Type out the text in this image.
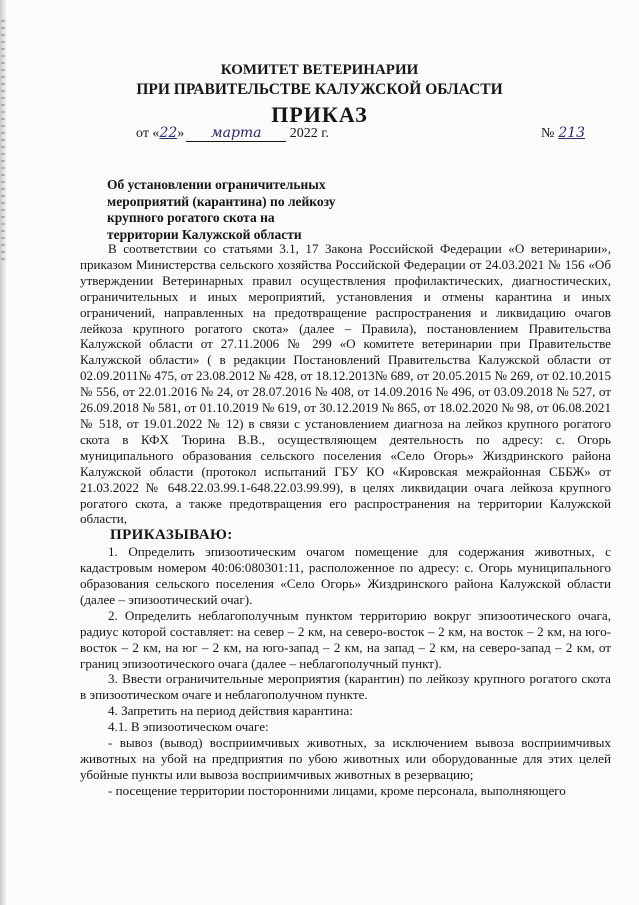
КОМИТЕТ ВЕТЕРИНАРИИ
ПРИ ПРАВИТЕЛЬСТВЕ КАЛУЖСКОЙ ОБЛАСТИ
ПРИКАЗ
от «22» марта 2022 г.	№ 213
Об установлении ограничительных мероприятий (карантина) по лейкозу крупного рогатого скота на территории Калужской области

В соответствии со статьями 3.1, 17 Закона Российской Федерации «О ветеринарии», приказом Министерства сельского хозяйства Российской Федерации от 24.03.2021 № 156 «Об утверждении Ветеринарных правил осуществления профилактических, диагностических, ограничительных и иных мероприятий, установления и отмены карантина и иных ограничений, направленных на предотвращение распространения и ликвидацию очагов лейкоза крупного рогатого скота» (далее – Правила), постановлением Правительства Калужской области от 27.11.2006 № 299 «О комитете ветеринарии при Правительстве Калужской области» ( в редакции Постановлений Правительства Калужской области от 02.09.2011№ 475, от 23.08.2012 № 428, от 18.12.2013№ 689, от 20.05.2015 № 269, от 02.10.2015 № 556, от 22.01.2016 № 24, от 28.07.2016 № 408, от 14.09.2016 № 496, от 03.09.2018 № 527, от 26.09.2018 № 581, от 01.10.2019 № 619, от 30.12.2019 № 865, от 18.02.2020 № 98, от 06.08.2021 № 518, от 19.01.2022 № 12) в связи с установлением диагноза на лейкоз крупного рогатого скота в КФХ Тюрина В.В., осуществляющем деятельность по адресу: с. Огорь муниципального образования сельского поселения «Село Огорь» Жиздринского района Калужской области (протокол испытаний ГБУ КО «Кировская межрайонная СББЖ» от 21.03.2022 № 648.22.03.99.1-648.22.03.99.99), в целях ликвидации очага лейкоза крупного рогатого скота, а также предотвращения его распространения на территории Калужской области,

ПРИКАЗЫВАЮ:

1. Определить эпизоотическим очагом помещение для содержания животных, с кадастровым номером 40:06:080301:11, расположенное по адресу: с. Огорь муниципального образования сельского поселения «Село Огорь» Жиздринского района Калужской области (далее – эпизоотический очаг).

2. Определить неблагополучным пунктом территорию вокруг эпизоотического очага, радиус которой составляет: на север – 2 км, на северо-восток – 2 км, на восток – 2 км, на юго-восток – 2 км, на юг – 2 км, на юго-запад – 2 км, на запад – 2 км, на северо-запад – 2 км, от границ эпизоотического очага (далее – неблагополучный пункт).

3. Ввести ограничительные мероприятия (карантин) по лейкозу крупного рогатого скота в эпизоотическом очаге и неблагополучном пункте.

4. Запретить на период действия карантина:

4.1. В эпизоотическом очаге:

- вывоз (вывод) восприимчивых животных, за исключением вывоза восприимчивых животных на убой на предприятия по убою животных или оборудованные для этих целей убойные пункты или вывоза восприимчивых животных в резервацию;

- посещение территории посторонними лицами, кроме персонала, выполняющего
